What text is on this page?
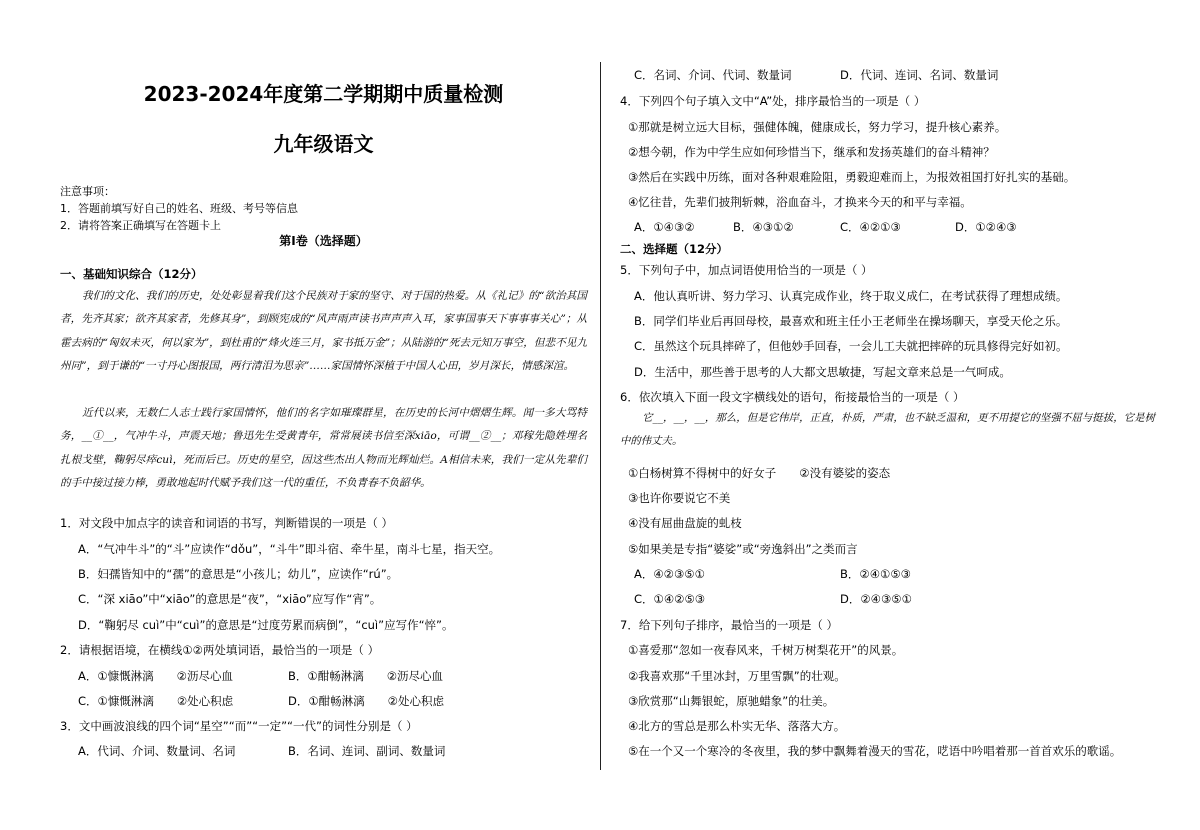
2023-2024年度第二学期期中质量检测
九年级语文
注意事项：
1．答题前填写好自己的姓名、班级、考号等信息
2．请将答案正确填写在答题卡上
第Ⅰ卷（选择题）
一、基础知识综合（12分）
我们的文化、我们的历史，处处彰显着我们这个民族对于家的坚守、对于国的热爱。从《礼记》的“欲治其国者，先齐其家；欲齐其家者，先修其身”，到顾宪成的“风声雨声读书声声声入耳，家事国事天下事事事关心”；从霍去病的“匈奴未灭，何以家为”，到杜甫的“烽火连三月，家书抵万金”；从陆游的“死去元知万事空，但悲不见九州同”，到于谦的“一寸丹心图报国，两行清泪为思亲”……家国情怀深植于中国人心田，岁月深长，情感深渲。
近代以来，无数仁人志士践行家国情怀，他们的名字如璀璨群星，在历史的长河中熠熠生辉。闻一多大骂特务，__①__，气冲牛斗，声震天地；鲁迅先生受黄青年，常常展读书信至深xiāo，可谓__②__；邓稼先隐姓埋名扎根戈壁，鞠躬尽瘁cuì，死而后已。历史的星空，因这些杰出人物而光辉灿烂。A相信未来，我们一定从先辈们的手中接过接力棒，勇敢地起时代赋予我们这一代的重任，不负青春不负韶华。
1．对文段中加点字的读音和词语的书写，判断错误的一项是（ ）
A．“气冲牛斗”的“斗”应读作“dǒu”，“斗牛”即斗宿、牵牛星，南斗七星，指天空。
B．妇孺皆知中的“孺”的意思是“小孩儿；幼儿”，应读作“rú”。
C．“深 xiāo”中“xiāo”的意思是“夜”，“xiāo”应写作“宵”。
D．“鞠躬尽 cuì”中“cuì”的意思是“过度劳累而病倒”，“cuì”应写作“悴”。
2．请根据语境，在横线①②两处填词语，最恰当的一项是（ ）
A．①慷慨淋漓　　②沥尽心血	B．①酣畅淋漓　　②沥尽心血
C．①慷慨淋漓　　②处心积虑	D．①酣畅淋漓　　②处心积虑
3．文中画波浪线的四个词“星空”“而”“一定”“一代”的词性分别是（ ）
A．代词、介词、数量词、名词	B．名词、连词、副词、数量词
C．名词、介词、代词、数量词	D．代词、连词、名词、数量词
4．下列四个句子填入文中“A”处，排序最恰当的一项是（ ）
①那就是树立远大目标，强健体魄，健康成长，努力学习，提升核心素养。
②想今朝，作为中学生应如何珍惜当下，继承和发扬英雄们的奋斗精神？
③然后在实践中历练，面对各种艰难险阻，勇毅迎难而上，为报效祖国打好扎实的基础。
④忆往昔，先辈们披荆斩棘，浴血奋斗，才换来今天的和平与幸福。
A．①④③②	B．④③①②	C．④②①③	D．①②④③
二、选择题（12分）
5．下列句子中，加点词语使用恰当的一项是（ ）
A．他认真听讲、努力学习、认真完成作业，终于取义成仁，在考试获得了理想成绩。
B．同学们毕业后再回母校，最喜欢和班主任小王老师坐在操场聊天，享受天伦之乐。
C．虽然这个玩具摔碎了，但他妙手回春，一会儿工夫就把摔碎的玩具修得完好如初。
D．生活中，那些善于思考的人大都文思敏捷，写起文章来总是一气呵成。
6．依次填入下面一段文字横线处的语句，衔接最恰当的一项是（ ）
它__，__，__，那么，但是它伟岸，正直，朴质，严肃，也不缺乏温和，更不用提它的坚强不屈与挺拔，它是树中的伟丈夫。
①白杨树算不得树中的好女子　　②没有婆娑的姿态
③也许你要说它不美
④没有屈曲盘旋的虬枝
⑤如果美是专指“婆娑”或“旁逸斜出”之类而言
A．④②③⑤①	B．②④①⑤③
C．①④②⑤③	D．②④③⑤①
7．给下列句子排序，最恰当的一项是（ ）
①喜爱那“忽如一夜春风来，千树万树梨花开”的风景。
②我喜欢那“千里冰封，万里雪飘”的壮观。
③欣赏那“山舞银蛇，原驰蜡象”的壮美。
④北方的雪总是那么朴实无华、落落大方。
⑤在一个又一个寒冷的冬夜里，我的梦中飘舞着漫天的雪花，呓语中吟唱着那一首首欢乐的歌谣。
